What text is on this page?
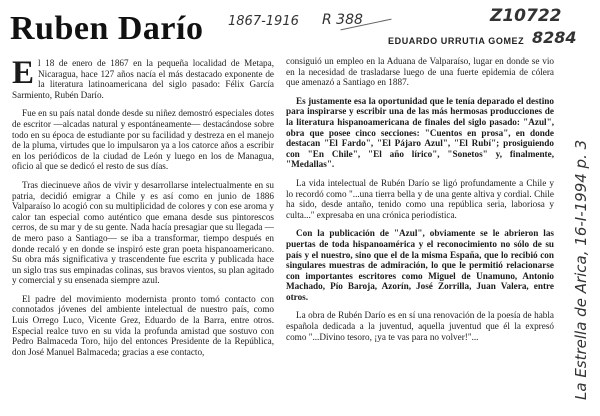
Ruben Darío 1867-1916 R 388	Z10722
8284
EDUARDO URRUTIA GOMEZ

El 18 de enero de 1867 en la pequeña localidad de Metapa, Nicaragua, hace 127 años nacía el más destacado exponente de la literatura latinoamericana del siglo pasado: Félix García Sarmiento, Rubén Darío.

Fue en su país natal donde desde su niñez demostró especiales dotes de escritor —alcadas natural y espontáneamente— destacándose sobre todo en su época de estudiante por su facilidad y destreza en el manejo de la pluma, virtudes que lo impulsaron ya a los catorce años a escribir en los periódicos de la ciudad de León y luego en los de Managua, oficio al que se dedicó el resto de sus días.

Tras diecinueve años de vivir y desarrollarse intelectualmente en su patria, decidió emigrar a Chile y es así como en junio de 1886 Valparaíso lo acogió con su multiplicidad de colores y con ese aroma y calor tan especial como auténtico que emana desde sus pintorescos cerros, de su mar y de su gente. Nada hacía presagiar que su llegada —de mero paso a Santiago— se iba a transformar, tiempo después en donde recaló y en donde se inspiró este gran poeta hispanoamericano. Su obra más significativa y trascendente fue escrita y publicada hace un siglo tras sus empinadas colinas, sus bravos vientos, su plan agitado y comercial y su ensenada siempre azul.

El padre del movimiento modernista pronto tomó contacto con connotados jóvenes del ambiente intelectual de nuestro país, como Luis Orrego Luco, Vicente Grez, Eduardo de la Barra, entre otros. Especial realce tuvo en su vida la profunda amistad que sostuvo con Pedro Balmaceda Toro, hijo del entonces Presidente de la República, don José Manuel Balmaceda; gracias a ese contacto,

consiguió un empleo en la Aduana de Valparaíso, lugar en donde se vio en la necesidad de trasladarse luego de una fuerte epidemia de cólera que amenazó a Santiago en 1887.

Es justamente esa la oportunidad que le tenía deparado el destino para inspirarse y escribir una de las más hermosas producciones de la literatura hispanoamericana de finales del siglo pasado: "Azul", obra que posee cinco secciones: "Cuentos en prosa", en donde destacan "El Fardo", "El Pájaro Azul", "El Rubí"; prosiguiendo con "En Chile", "El año lírico", "Sonetos" y, finalmente, "Medallas".

La vida intelectual de Rubén Darío se ligó profundamente a Chile y lo recordó como "...una tierra bella y de una gente altiva y cordial. Chile ha sido, desde antaño, tenido como una república seria, laboriosa y culta..." expresaba en una crónica periodística.

Con la publicación de "Azul", obviamente se le abrieron las puertas de toda hispanoamérica y el reconocimiento no sólo de su país y el nuestro, sino que el de la misma España, que lo recibió con singulares muestras de admiración, lo que le permitió relacionarse con importantes escritores como Miguel de Unamuno, Antonio Machado, Pío Baroja, Azorín, José Zorrilla, Juan Valera, entre otros.

La obra de Rubén Darío es en sí una renovación de la poesía de habla española dedicada a la juventud, aquella juventud que él la expresó como "...Divino tesoro, ¡ya te vas para no volver!"...	La Estrella de Arica, 16-I-1994 p. 3
